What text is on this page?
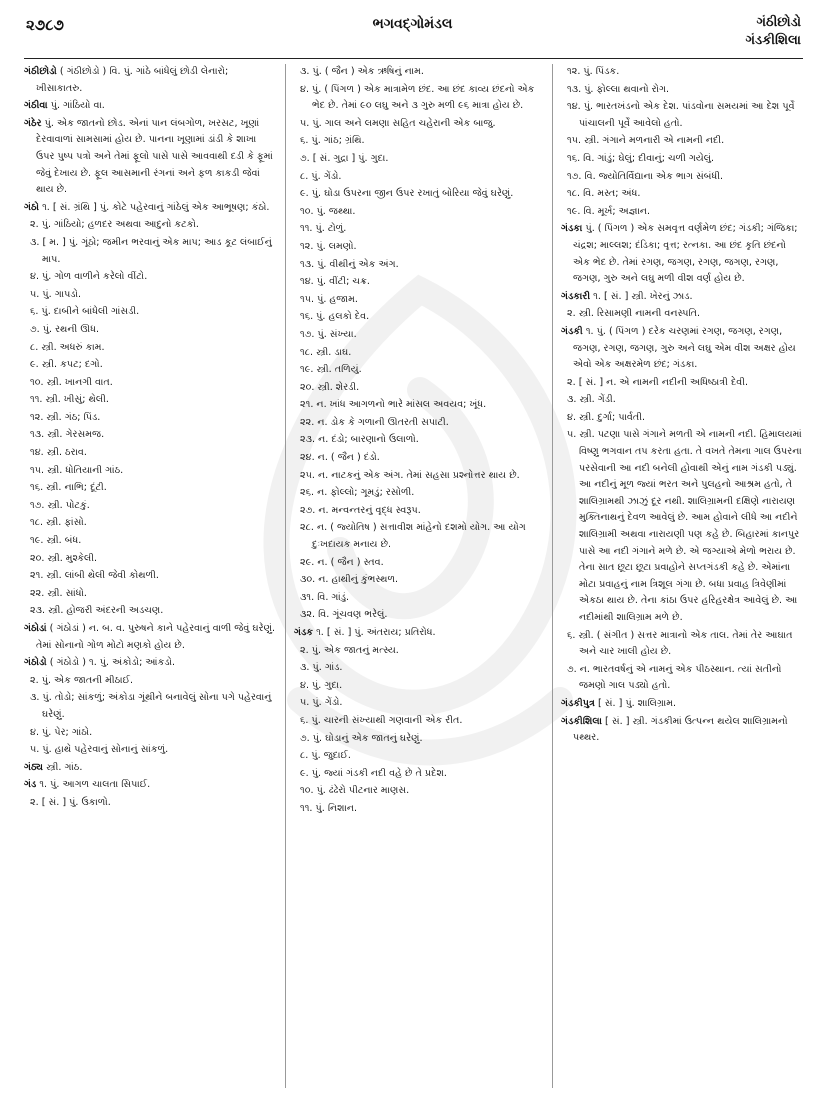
૨૭૮૭	ભગવદ્ગોમંડલ	ગંઠીછોડો
ગંડકીશિલા
ગંઠીછોડો ( ગંઠીછોડો ) વિ. પું. ગાંઠે બાંધેલું છોડી લેનારો; ખીસાકાતરુ.
ગંઠીવા પું. ગાંઠિયો વા.
ગંઠેર પું. એક જાતનો છોડ. એનાં પાન લંબગોળ, ખરસટ, ખૂણાં દેરવાવાળાં સામસામાં હોય છે. પાનના ખૂણામાં ડાંડી કે શાખા ઉપર પુષ્પ પત્રો અને તેમાં ફૂલો પાસે પાસે આવવાથી દડી કે ફૂમાં જેવું દેખાય છે. ફૂલ આસમાની રંગનાં અને ફળ કાકડી જેવાં થાય છે.
ગંઠો ૧. [ સં. ગ્રંથિ ] પું. કોટે પહેરવાનું ગાંઠેલું એક આભૂષણ; કંઠો.
૨. પું. ગાંઠિયો; હળદર અથવા આદુનો કટકો.
૩. [ મ. ] પું. ગૂંઠો; જમીન ભરવાનું એક માપ; આડ કૂટ લંબાઈનું માપ.
૪. પું. ગોળ વાળીને કરેલો વીંટો.
૫. પું. ગાપડો.
૬. પું. દાબીને બાંધેલી ગાંસડી.
૭. પું. રથની ઊધ.
૮. સ્ત્રી. અધરું કામ.
૯. સ્ત્રી. કપટ; દગો.
૧૦. સ્ત્રી. ખાનગી વાત.
૧૧. સ્ત્રી. ખીસું; થેલી.
૧૨. સ્ત્રી. ગંઠ; પિંડ.
૧૩. સ્ત્રી. ગેરસમજ.
૧૪. સ્ત્રી. ઠરાવ.
૧૫. સ્ત્રી. ધોતિયાની ગાંઠ.
૧૬. સ્ત્રી. નાભિ; દૂંટી.
૧૭. સ્ત્રી. પોટકું.
૧૮. સ્ત્રી. ફાંસો.
૧૯. સ્ત્રી. બંધ.
૨૦. સ્ત્રી. મુશ્કેલી.
૨૧. સ્ત્રી. લાંબી થેલી જેવી કોથળી.
૨૨. સ્ત્રી. સાંધો.
૨૩. સ્ત્રી. હોજરી અંદરની અડચણ.
ગંઠોડાં ( ગંઠોડાં ) ન. બ. વ. પુરુષને કાને પહેરવાનું વાળી જેવું ઘરેણું. તેમાં સોનાનો ગોળ મોટો મણકો હોય છે.
ગંઠોડો ( ગંઠોડો ) ૧. પું. અંકોડો; આંકડો.
૨. પું. એક જાતની મીઠાઈ.
૩. પું. તોડો; સાંકળું; અંકોડા ગૂંથીને બનાવેલું સોના પગે પહેરવાનું ઘરેણું.
૪. પું. પેર; ગાંઠો.
૫. પું. હાથે પહેરવાનું સોનાનું સાંકળું.
ગંઠ્ય સ્ત્રી. ગાંઠ.
ગંડ ૧. પું. આગળ ચાલતા સિપાઈ.
૨. [ સં. ] પું. ઉકાળો.
૩. પું. ( જૈન ) એક ઋષિનું નામ.
૪. પું. ( પિંગળ ) એક માત્રામેળ છંદ. આ છંદ કાવ્ય છંદનો એક ભેદ છે. તેમાં ૯૦ લઘુ અને ૩ ગુરુ મળી ૯૬ માત્રા હોય છે.
૫. પું. ગાલ અને લમણા સહિત ચહેરાની એક બાજુ.
૬. પું. ગાંઠ; ગ્રંથિ.
૭. [ સં. ગુદ્રા ] પું. ગુદા.
૮. પું. ગેંડો.
૯. પું. ઘોડા ઉપરના જીન ઉપર રખાતું બોરિયા જેવું ઘરેણું.
૧૦. પું. જથ્થા.
૧૧. પું. ટોળું.
૧૨. પું. લમણો.
૧૩. પું. વીથીનું એક અંગ.
૧૪. પું. વીંટી; ચક્ર.
૧૫. પું. હજામ.
૧૬. પું. હલકો દેવ.
૧૭. પું. સંખ્યા.
૧૮. સ્ત્રી. ડાઘ.
૧૯. સ્ત્રી. તળિયું.
૨૦. સ્ત્રી. શેરડી.
૨૧. ન. ખાંધ આગળનો ભારે માંસલ અવયવ; ખૂંધ.
૨૨. ન. ડોક કે ગળાની ઊતરતી સપાટી.
૨૩. ન. દંડો; બારણાનો ઉલાળો.
૨૪. ન. ( જૈન ) દંડો.
૨૫. ન. નાટકનું એક અંગ. તેમાં સહસા પ્રશ્નોત્તર થાય છે.
૨૬. ન. ફોલ્લો; ગૂમડું; રસોળી.
૨૭. ન. મન્વન્તરનું વૃદ્ધ સ્વરૂપ.
૨૮. ન. ( જ્યોતિષ ) સત્તાવીશ માંહેનો દશમો યોગ. આ યોગ દુઃખદાયક મનાય છે.
૨૯. ન. ( જૈન ) સ્તવ.
૩૦. ન. હાથીનું કુંભસ્થળ.
૩૧. વિ. ગાંડું.
૩૨. વિ. ગૂંચવણ ભરેલું.
ગંડક ૧. [ સં. ] પું. અંતરાય; પ્રતિરોધ.
૨. પું. એક જાતનું મત્સ્ય.
૩. પું. ગાંડ.
૪. પું. ગુદા.
૫. પું. ગેંડો.
૬. પું. ચારની સંખ્યાથી ગણવાની એક રીત.
૭. પું. ઘોડાનું એક જાતનું ઘરેણું.
૮. પું. જુદાઈ.
૯. પું. જ્યાં ગંડકી નદી વહે છે તે પ્રદેશ.
૧૦. પું. ઢંઢેરો પીટનાર માણસ.
૧૧. પું. નિશાન.
૧૨. પું. પિંડક.
૧૩. પું. ફોલ્લા થવાનો રોગ.
૧૪. પું. ભારતખંડનો એક દેશ. પાંડવોના સમયમાં આ દેશ પૂર્વે પાંચાલની પૂર્વે આવેલો હતો.
૧૫. સ્ત્રી. ગંગાને મળનારી એ નામની નદી.
૧૬. વિ. ગાંડું; ઘેલું; દીવાનું; ચળી ગયેલું.
૧૭. વિ. જ્યોતિર્વિદ્યાના એક ભાગ સંબંધી.
૧૮. વિ. મસ્ત; અંધ.
૧૯. વિ. મૂર્ખ; અજ્ઞાન.
ગંડકા પું. ( પિંગળ ) એક સમવૃત્ત વર્ણમેળ છંદ; ગંડકી; ગંજિકા; ચંદ્રશ; માલ્લશ; દંડિકા; વૃત્ત; રત્નકા. આ છંદ કૃતિ છંદનો એક ભેદ છે. તેમાં રગણ, જગણ, રગણ, જગણ, રગણ, જગણ, ગુરુ અને લઘુ મળી વીશ વર્ણ હોય છે.
ગંડકારી ૧. [ સં. ] સ્ત્રી. ખેરનું ઝાડ.
૨. સ્ત્રી. રિસામણી નામની વનસ્પતિ.
ગંડકી ૧. પું. ( પિંગળ ) દરેક ચરણમાં રગણ, જગણ, રગણ, જગણ, રગણ, જગણ, ગુરુ અને લઘુ એમ વીશ અક્ષર હોય એવો એક અક્ષરમેળ છંદ; ગંડકા.
૨. [ સં. ] ન. એ નામની નદીની અધિષ્ઠાત્રી દેવી.
૩. સ્ત્રી. ગેંડી.
૪. સ્ત્રી. દુર્ગા; પાર્વતી.
૫. સ્ત્રી. પટણા પાસે ગંગાને મળતી એ નામની નદી. હિમાલયમાં વિષ્ણુ ભગવાન તપ કરતા હતા. તે વખતે તેમના ગાલ ઉપરના પરસેવાની આ નદી બનેલી હોવાથી એનું નામ ગંડકી પડ્યું. આ નદીનું મૂળ જ્યાં ભરત અને પુલહનો આશ્રમ હતો, તે શાલિગ્રામથી ઝાઝું દૂર નથી. શાલિગ્રામની દક્ષિણે નારાયણ મુક્તિનાથનું દેવળ આવેલું છે. આમ હોવાને લીધે આ નદીને શાલિગ્રામી અથવા નારાયણી પણ કહે છે. બિહારમાં કાનપુર પાસે આ નદી ગંગાને મળે છે. એ જગ્યાએ મેળો ભરાય છે. તેના સાત છૂટા છૂટા પ્રવાહોને સપ્તગંડકી કહે છે. એમાંના મોટા પ્રવાહનું નામ ત્રિશૂલ ગંગા છે. બધા પ્રવાહ ત્રિવેણીમાં એકઠા થાય છે. તેના કાંઠા ઉપર હરિહરક્ષેત્ર આવેલું છે. આ નદીમાંથી શાલિગ્રામ મળે છે.
૬. સ્ત્રી. ( સંગીત ) સત્તર માત્રાનો એક તાલ. તેમાં તેર આઘાત અને ચાર ખાલી હોય છે.
૭. ન. ભારતવર્ષનું એ નામનું એક પીઠસ્થાન. ત્યાં સતીનો જમણો ગાલ પડ્યો હતો.
ગંડકીપુત્ર [ સં. ] પું. શાલિગ્રામ.
ગંડકીશિલા [ સં. ] સ્ત્રી. ગંડકીમાં ઉત્પન્ન થયેલ શાલિગ્રામનો પથ્થર.
